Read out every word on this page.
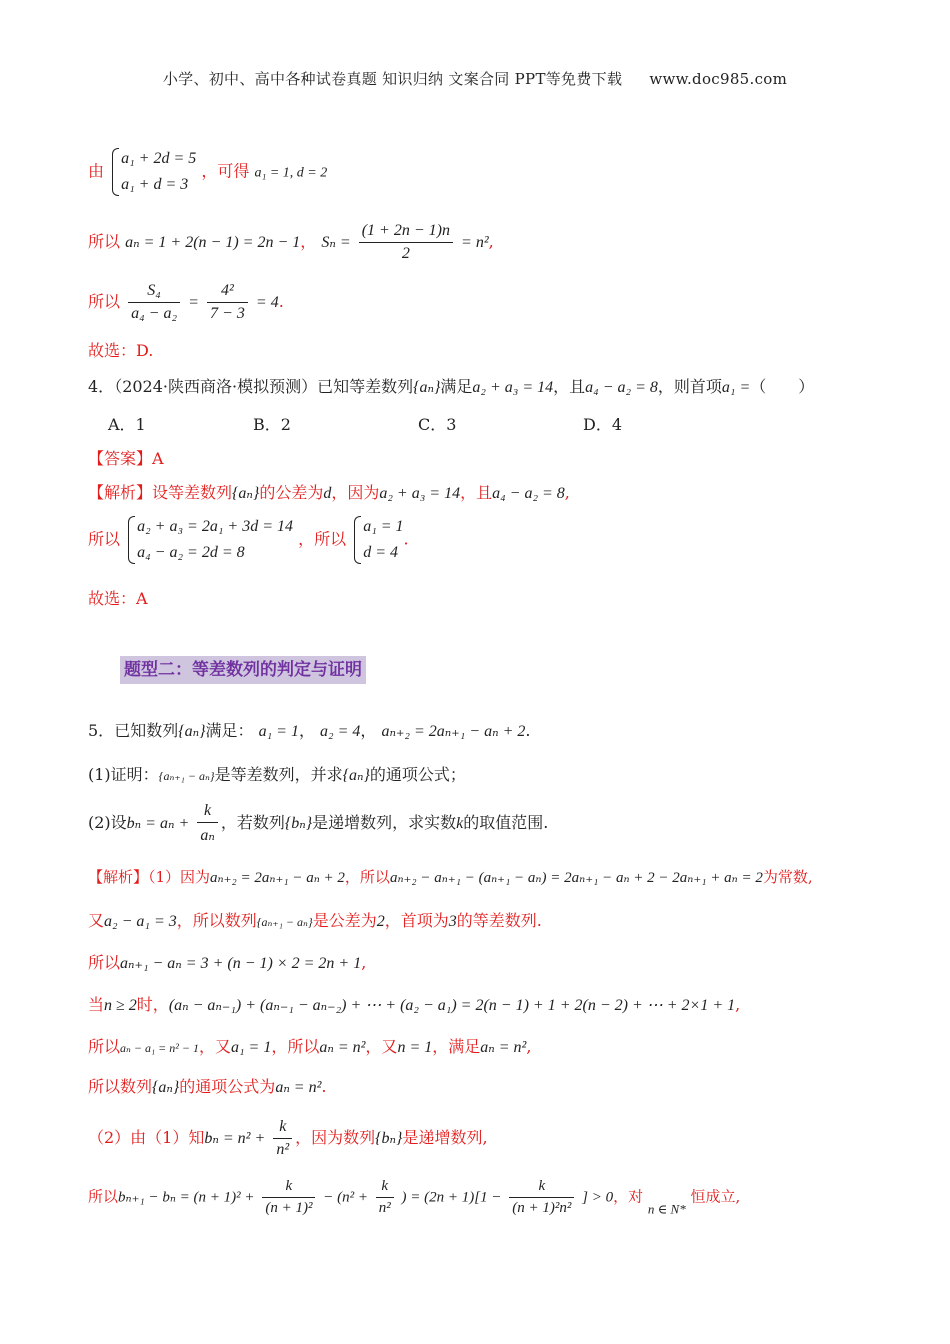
小学、初中、高中各种试卷真题 知识归纳 文案合同 PPT等免费下载 www.doc985.com
由
a₁ + 2d = 5
a₁ + d = 3
，可得 a₁ = 1, d = 2
所以 aₙ = 1 + 2(n − 1) = 2n − 1， $S_n = \frac{(1 + 2n - 1)n}{2} = n^2$,
所以 $\frac{\text{S₄}}{\text{a₄ − a₂}} = \frac{\text{4²}}{7 - 3} = 4$.
故选：D.
4．（2024·陕西商洛·模拟预测）已知等差数列{aₙ}满足a₂ + a₃ = 14，且a₄ − a₂ = 8，则首项a₁ =（　　）
A．1	B．2	C．3	D．4
【答案】A
【解析】设等差数列{aₙ}的公差为d，因为a₂ + a₃ = 14，且a₄ − a₂ = 8,
所以
a₂ + a₃ = 2a₁ + 3d = 14
a₄ − a₂ = 2d = 8
，所以
a₁ = 1
d = 4
.
故选：A
题型二：等差数列的判定与证明
5．已知数列{aₙ}满足： a₁ = 1， a₂ = 4， aₙ₊₂ = 2aₙ₊₁ − aₙ + 2.
(1)证明：{aₙ₊₁ − aₙ}是等差数列，并求{aₙ}的通项公式；
(2)设$b_n = a_n + \frac{k}{\text{aₙ}}$ ，若数列{bₙ}是递增数列，求实数k的取值范围.
【解析】（1）因为aₙ₊₂ = 2aₙ₊₁ − aₙ + 2，所以aₙ₊₂ − aₙ₊₁ − (aₙ₊₁ − aₙ) = 2aₙ₊₁ − aₙ + 2 − 2aₙ₊₁ + aₙ = 2为常数,
又a₂ − a₁ = 3，所以数列{aₙ₊₁ − aₙ}是公差为2，首项为3的等差数列.
所以aₙ₊₁ − aₙ = 3 + (n − 1) × 2 = 2n + 1,
当n ≥ 2时，(aₙ − aₙ₋₁) + (aₙ₋₁ − aₙ₋₂) + ⋯ + (a₂ − a₁) = 2(n − 1) + 1 + 2(n − 2) + ⋯ + 2×1 + 1,
所以aₙ − a₁ = n² − 1，又a₁ = 1，所以aₙ = n²，又n = 1，满足aₙ = n²,
所以数列{aₙ}的通项公式为aₙ = n².
（2）由（1）知$b_n = n^2 + \frac{k}{\text{n²}}$ ，因为数列{bₙ}是递增数列,
所以$b_{n+1} - b_n = (n + 1)^2 + \frac{k}{\text{(n + 1)²}} - (n^2 + \frac{k}{\text{n²}}$ ) = $(2n + 1)[1 - \frac{k}{\text{(n + 1)²n²}}$ ] > 0，对 n ∈ N* 恒成立,
